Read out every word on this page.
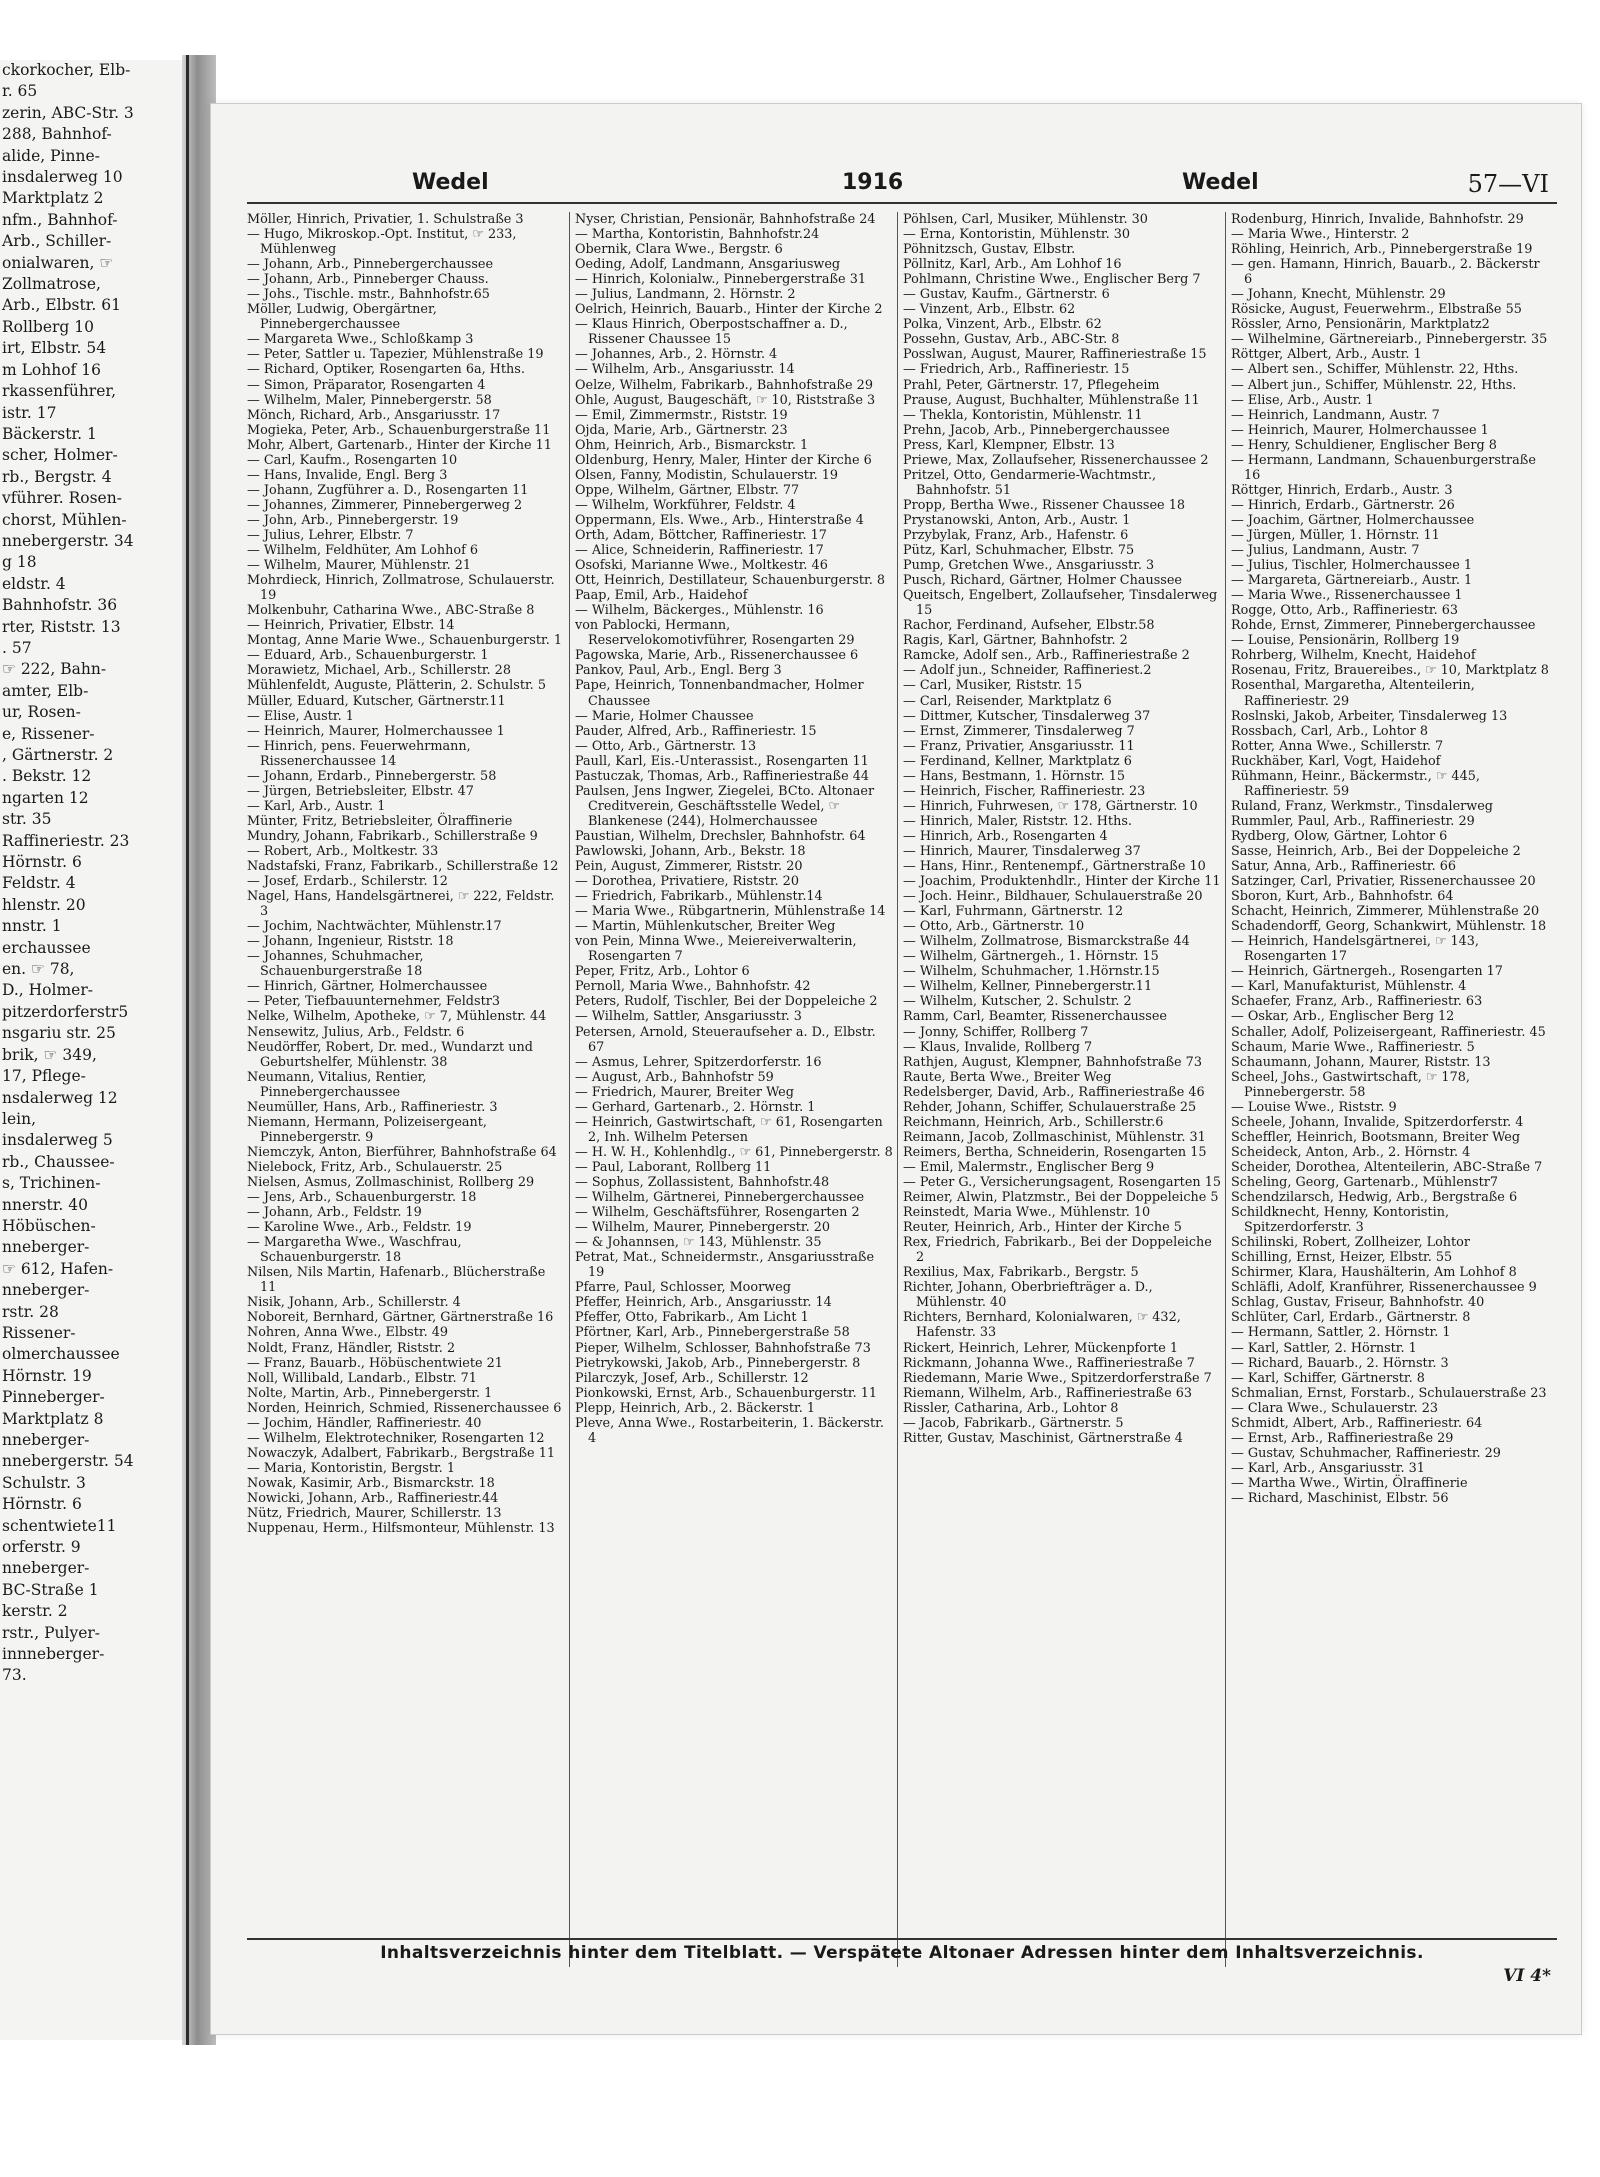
ckorkocher, Elb-
r. 65
zerin, ABC-Str. 3
288, Bahnhof-
alide, Pinne-
insdalerweg 10
Marktplatz 2
nfm., Bahnhof-
Arb., Schiller-
onialwaren, ☞
Zollmatrose,
Arb., Elbstr. 61
Rollberg 10
irt, Elbstr. 54
m Lohhof 16
rkassenführer,
istr. 17
Bäckerstr. 1
scher, Holmer-
rb., Bergstr. 4
vführer. Rosen-
chorst, Mühlen-
nnebergerstr. 34
g 18
eldstr. 4
Bahnhofstr. 36
rter, Riststr. 13
. 57
☞ 222, Bahn-
amter, Elb-
ur, Rosen-
e, Rissener-
, Gärtnerstr. 2
. Bekstr. 12
ngarten 12
str. 35
Raffineriestr. 23
Hörnstr. 6
Feldstr. 4
hlenstr. 20
nnstr. 1
erchaussee
en. ☞ 78,
D., Holmer-
pitzerdorferstr5
nsgariu str. 25
brik, ☞ 349,
17, Pflege-
nsdalerweg 12
lein,
insdalerweg 5
rb., Chaussee-
s, Trichinen-
nnerstr. 40
Höbüschen-
nneberger-
☞ 612, Hafen-
nneberger-
rstr. 28
Rissener-
olmerchaussee
Hörnstr. 19
Pinneberger-
Marktplatz 8
nneberger-
nnebergerstr. 54
Schulstr. 3
Hörnstr. 6
schentwiete11
orferstr. 9
nneberger-
BC-Straße 1
kerstr. 2
rstr., Pulyer-
innneberger-
73.
Wedel	1916	Wedel	57—VI
Möller, Hinrich, Privatier, 1. Schulstraße 3
— Hugo, Mikroskop.-Opt. Institut, ☞ 233, Mühlenweg
— Johann, Arb., Pinnebergerchaussee
— Johann, Arb., Pinneberger Chauss.
— Johs., Tischle. mstr., Bahnhofstr.65
Möller, Ludwig, Obergärtner, Pinnebergerchaussee
— Margareta Wwe., Schloßkamp 3
— Peter, Sattler u. Tapezier, Mühlenstraße 19
— Richard, Optiker, Rosengarten 6a, Hths.
— Simon, Präparator, Rosengarten 4
— Wilhelm, Maler, Pinnebergerstr. 58
Mönch, Richard, Arb., Ansgariusstr. 17
Mogieka, Peter, Arb., Schauenburgerstraße 11
Mohr, Albert, Gartenarb., Hinter der Kirche 11
— Carl, Kaufm., Rosengarten 10
— Hans, Invalide, Engl. Berg 3
— Johann, Zugführer a. D., Rosengarten 11
— Johannes, Zimmerer, Pinnebergerweg 2
— John, Arb., Pinnebergerstr. 19
— Julius, Lehrer, Elbstr. 7
— Wilhelm, Feldhüter, Am Lohhof 6
— Wilhelm, Maurer, Mühlenstr. 21
Mohrdieck, Hinrich, Zollmatrose, Schulauerstr. 19
Molkenbuhr, Catharina Wwe., ABC-Straße 8
— Heinrich, Privatier, Elbstr. 14
Montag, Anne Marie Wwe., Schauenburgerstr. 1
— Eduard, Arb., Schauenburgerstr. 1
Morawietz, Michael, Arb., Schillerstr. 28
Mühlenfeldt, Auguste, Plätterin, 2. Schulstr. 5
Müller, Eduard, Kutscher, Gärtnerstr.11
— Elise, Austr. 1
— Heinrich, Maurer, Holmerchaussee 1
— Hinrich, pens. Feuerwehrmann, Rissenerchaussee 14
— Johann, Erdarb., Pinnebergerstr. 58
— Jürgen, Betriebsleiter, Elbstr. 47
— Karl, Arb., Austr. 1
Münter, Fritz, Betriebsleiter, Ölraffinerie
Mundry, Johann, Fabrikarb., Schillerstraße 9
— Robert, Arb., Moltkestr. 33
Nadstafski, Franz, Fabrikarb., Schillerstraße 12
— Josef, Erdarb., Schilerstr. 12
Nagel, Hans, Handelsgärtnerei, ☞ 222, Feldstr. 3
— Jochim, Nachtwächter, Mühlenstr.17
— Johann, Ingenieur, Riststr. 18
— Johannes, Schuhmacher, Schauenburgerstraße 18
— Hinrich, Gärtner, Holmerchaussee
— Peter, Tiefbauunternehmer, Feldstr3
Nelke, Wilhelm, Apotheke, ☞ 7, Mühlenstr. 44
Nensewitz, Julius, Arb., Feldstr. 6
Neudörffer, Robert, Dr. med., Wundarzt und Geburtshelfer, Mühlenstr. 38
Neumann, Vitalius, Rentier, Pinnebergerchaussee
Neumüller, Hans, Arb., Raffineriestr. 3
Niemann, Hermann, Polizeisergeant, Pinnebergerstr. 9
Niemczyk, Anton, Bierführer, Bahnhofstraße 64
Nielebock, Fritz, Arb., Schulauerstr. 25
Nielsen, Asmus, Zollmaschinist, Rollberg 29
— Jens, Arb., Schauenburgerstr. 18
— Johann, Arb., Feldstr. 19
— Karoline Wwe., Arb., Feldstr. 19
— Margaretha Wwe., Waschfrau, Schauenburgerstr. 18
Nilsen, Nils Martin, Hafenarb., Blücherstraße 11
Nisik, Johann, Arb., Schillerstr. 4
Noboreit, Bernhard, Gärtner, Gärtnerstraße 16
Nohren, Anna Wwe., Elbstr. 49
Noldt, Franz, Händler, Riststr. 2
— Franz, Bauarb., Höbüschentwiete 21
Noll, Willibald, Landarb., Elbstr. 71
Nolte, Martin, Arb., Pinnebergerstr. 1
Norden, Heinrich, Schmied, Rissenerchaussee 6
— Jochim, Händler, Raffineriestr. 40
— Wilhelm, Elektrotechniker, Rosengarten 12
Nowaczyk, Adalbert, Fabrikarb., Bergstraße 11
— Maria, Kontoristin, Bergstr. 1
Nowak, Kasimir, Arb., Bismarckstr. 18
Nowicki, Johann, Arb., Raffineriestr.44
Nütz, Friedrich, Maurer, Schillerstr. 13
Nuppenau, Herm., Hilfsmonteur, Mühlenstr. 13
Nyser, Christian, Pensionär, Bahnhofstraße 24
— Martha, Kontoristin, Bahnhofstr.24
Obernik, Clara Wwe., Bergstr. 6
Oeding, Adolf, Landmann, Ansgariusweg
— Hinrich, Kolonialw., Pinnebergerstraße 31
— Julius, Landmann, 2. Hörnstr. 2
Oelrich, Heinrich, Bauarb., Hinter der Kirche 2
— Klaus Hinrich, Oberpostschaffner a. D., Rissener Chaussee 15
— Johannes, Arb., 2. Hörnstr. 4
— Wilhelm, Arb., Ansgariusstr. 14
Oelze, Wilhelm, Fabrikarb., Bahnhofstraße 29
Ohle, August, Baugeschäft, ☞ 10, Riststraße 3
— Emil, Zimmermstr., Riststr. 19
Ojda, Marie, Arb., Gärtnerstr. 23
Ohm, Heinrich, Arb., Bismarckstr. 1
Oldenburg, Henry, Maler, Hinter der Kirche 6
Olsen, Fanny, Modistin, Schulauerstr. 19
Oppe, Wilhelm, Gärtner, Elbstr. 77
— Wilhelm, Workführer, Feldstr. 4
Oppermann, Els. Wwe., Arb., Hinterstraße 4
Orth, Adam, Böttcher, Raffineriestr. 17
— Alice, Schneiderin, Raffineriestr. 17
Osofski, Marianne Wwe., Moltkestr. 46
Ott, Heinrich, Destillateur, Schauenburgerstr. 8
Paap, Emil, Arb., Haidehof
— Wilhelm, Bäckerges., Mühlenstr. 16
von Pablocki, Hermann, Reservelokomotivführer, Rosengarten 29
Pagowska, Marie, Arb., Rissenerchaussee 6
Pankov, Paul, Arb., Engl. Berg 3
Pape, Heinrich, Tonnenbandmacher, Holmer Chaussee
— Marie, Holmer Chaussee
Pauder, Alfred, Arb., Raffineriestr. 15
— Otto, Arb., Gärtnerstr. 13
Paull, Karl, Eis.-Unterassist., Rosengarten 11
Pastuczak, Thomas, Arb., Raffineriestraße 44
Paulsen, Jens Ingwer, Ziegelei, BCto. Altonaer Creditverein, Geschäftsstelle Wedel, ☞ Blankenese (244), Holmerchaussee
Paustian, Wilhelm, Drechsler, Bahnhofstr. 64
Pawlowski, Johann, Arb., Bekstr. 18
Pein, August, Zimmerer, Riststr. 20
— Dorothea, Privatiere, Riststr. 20
— Friedrich, Fabrikarb., Mühlenstr.14
— Maria Wwe., Rübgartnerin, Mühlenstraße 14
— Martin, Mühlenkutscher, Breiter Weg
von Pein, Minna Wwe., Meiereiverwalterin, Rosengarten 7
Peper, Fritz, Arb., Lohtor 6
Pernoll, Maria Wwe., Bahnhofstr. 42
Peters, Rudolf, Tischler, Bei der Doppeleiche 2
— Wilhelm, Sattler, Ansgariusstr. 3
Petersen, Arnold, Steueraufseher a. D., Elbstr. 67
— Asmus, Lehrer, Spitzerdorferstr. 16
— August, Arb., Bahnhofstr 59
— Friedrich, Maurer, Breiter Weg
— Gerhard, Gartenarb., 2. Hörnstr. 1
— Heinrich, Gastwirtschaft, ☞ 61, Rosengarten 2, Inh. Wilhelm Petersen
— H. W. H., Kohlenhdlg., ☞ 61, Pinnebergerstr. 8
— Paul, Laborant, Rollberg 11
— Sophus, Zollassistent, Bahnhofstr.48
— Wilhelm, Gärtnerei, Pinnebergerchaussee
— Wilhelm, Geschäftsführer, Rosengarten 2
— Wilhelm, Maurer, Pinnebergerstr. 20
— & Johannsen, ☞ 143, Mühlenstr. 35
Petrat, Mat., Schneidermstr., Ansgariusstraße 19
Pfarre, Paul, Schlosser, Moorweg
Pfeffer, Heinrich, Arb., Ansgariusstr. 14
Pfeffer, Otto, Fabrikarb., Am Licht 1
Pförtner, Karl, Arb., Pinnebergerstraße 58
Pieper, Wilhelm, Schlosser, Bahnhofstraße 73
Pietrykowski, Jakob, Arb., Pinnebergerstr. 8
Pilarczyk, Josef, Arb., Schillerstr. 12
Pionkowski, Ernst, Arb., Schauenburgerstr. 11
Plepp, Heinrich, Arb., 2. Bäckerstr. 1
Pleve, Anna Wwe., Rostarbeiterin, 1. Bäckerstr. 4
Pöhlsen, Carl, Musiker, Mühlenstr. 30
— Erna, Kontoristin, Mühlenstr. 30
Pöhnitzsch, Gustav, Elbstr.
Pöllnitz, Karl, Arb., Am Lohhof 16
Pohlmann, Christine Wwe., Englischer Berg 7
— Gustav, Kaufm., Gärtnerstr. 6
— Vinzent, Arb., Elbstr. 62
Polka, Vinzent, Arb., Elbstr. 62
Possehn, Gustav, Arb., ABC-Str. 8
Posslwan, August, Maurer, Raffineriestraße 15
— Friedrich, Arb., Raffineriestr. 15
Prahl, Peter, Gärtnerstr. 17, Pflegeheim
Prause, August, Buchhalter, Mühlenstraße 11
— Thekla, Kontoristin, Mühlenstr. 11
Prehn, Jacob, Arb., Pinnebergerchaussee
Press, Karl, Klempner, Elbstr. 13
Priewe, Max, Zollaufseher, Rissenerchaussee 2
Pritzel, Otto, Gendarmerie-Wachtmstr., Bahnhofstr. 51
Propp, Bertha Wwe., Rissener Chaussee 18
Prystanowski, Anton, Arb., Austr. 1
Przybylak, Franz, Arb., Hafenstr. 6
Pütz, Karl, Schuhmacher, Elbstr. 75
Pump, Gretchen Wwe., Ansgariusstr. 3
Pusch, Richard, Gärtner, Holmer Chaussee
Queitsch, Engelbert, Zollaufseher, Tinsdalerweg 15
Rachor, Ferdinand, Aufseher, Elbstr.58
Ragis, Karl, Gärtner, Bahnhofstr. 2
Ramcke, Adolf sen., Arb., Raffineriestraße 2
— Adolf jun., Schneider, Raffineriest.2
— Carl, Musiker, Riststr. 15
— Carl, Reisender, Marktplatz 6
— Dittmer, Kutscher, Tinsdalerweg 37
— Ernst, Zimmerer, Tinsdalerweg 7
— Franz, Privatier, Ansgariusstr. 11
— Ferdinand, Kellner, Marktplatz 6
— Hans, Bestmann, 1. Hörnstr. 15
— Heinrich, Fischer, Raffineriestr. 23
— Hinrich, Fuhrwesen, ☞ 178, Gärtnerstr. 10
— Hinrich, Maler, Riststr. 12. Hths.
— Hinrich, Arb., Rosengarten 4
— Hinrich, Maurer, Tinsdalerweg 37
— Hans, Hinr., Rentenempf., Gärtnerstraße 10
— Joachim, Produktenhdlr., Hinter der Kirche 11
— Joch. Heinr., Bildhauer, Schulauerstraße 20
— Karl, Fuhrmann, Gärtnerstr. 12
— Otto, Arb., Gärtnerstr. 10
— Wilhelm, Zollmatrose, Bismarckstraße 44
— Wilhelm, Gärtnergeh., 1. Hörnstr. 15
— Wilhelm, Schuhmacher, 1.Hörnstr.15
— Wilhelm, Kellner, Pinnebergerstr.11
— Wilhelm, Kutscher, 2. Schulstr. 2
Ramm, Carl, Beamter, Rissenerchaussee
— Jonny, Schiffer, Rollberg 7
— Klaus, Invalide, Rollberg 7
Rathjen, August, Klempner, Bahnhofstraße 73
Raute, Berta Wwe., Breiter Weg
Redelsberger, David, Arb., Raffineriestraße 46
Rehder, Johann, Schiffer, Schulauerstraße 25
Reichmann, Heinrich, Arb., Schillerstr.6
Reimann, Jacob, Zollmaschinist, Mühlenstr. 31
Reimers, Bertha, Schneiderin, Rosengarten 15
— Emil, Malermstr., Englischer Berg 9
— Peter G., Versicherungsagent, Rosengarten 15
Reimer, Alwin, Platzmstr., Bei der Doppeleiche 5
Reinstedt, Maria Wwe., Mühlenstr. 10
Reuter, Heinrich, Arb., Hinter der Kirche 5
Rex, Friedrich, Fabrikarb., Bei der Doppeleiche 2
Rexilius, Max, Fabrikarb., Bergstr. 5
Richter, Johann, Oberbriefträger a. D., Mühlenstr. 40
Richters, Bernhard, Kolonialwaren, ☞ 432, Hafenstr. 33
Rickert, Heinrich, Lehrer, Mückenpforte 1
Rickmann, Johanna Wwe., Raffineriestraße 7
Riedemann, Marie Wwe., Spitzerdorferstraße 7
Riemann, Wilhelm, Arb., Raffineriestraße 63
Rissler, Catharina, Arb., Lohtor 8
— Jacob, Fabrikarb., Gärtnerstr. 5
Ritter, Gustav, Maschinist, Gärtnerstraße 4
Rodenburg, Hinrich, Invalide, Bahnhofstr. 29
— Maria Wwe., Hinterstr. 2
Röhling, Heinrich, Arb., Pinnebergerstraße 19
— gen. Hamann, Hinrich, Bauarb., 2. Bäckerstr 6
— Johann, Knecht, Mühlenstr. 29
Rösicke, August, Feuerwehrm., Elbstraße 55
Rössler, Arno, Pensionärin, Marktplatz2
— Wilhelmine, Gärtnereiarb., Pinnebergerstr. 35
Röttger, Albert, Arb., Austr. 1
— Albert sen., Schiffer, Mühlenstr. 22, Hths.
— Albert jun., Schiffer, Mühlenstr. 22, Hths.
— Elise, Arb., Austr. 1
— Heinrich, Landmann, Austr. 7
— Heinrich, Maurer, Holmerchaussee 1
— Henry, Schuldiener, Englischer Berg 8
— Hermann, Landmann, Schauenburgerstraße 16
Röttger, Hinrich, Erdarb., Austr. 3
— Hinrich, Erdarb., Gärtnerstr. 26
— Joachim, Gärtner, Holmerchaussee
— Jürgen, Müller, 1. Hörnstr. 11
— Julius, Landmann, Austr. 7
— Julius, Tischler, Holmerchaussee 1
— Margareta, Gärtnereiarb., Austr. 1
— Maria Wwe., Rissenerchaussee 1
Rogge, Otto, Arb., Raffineriestr. 63
Rohde, Ernst, Zimmerer, Pinnebergerchaussee
— Louise, Pensionärin, Rollberg 19
Rohrberg, Wilhelm, Knecht, Haidehof
Rosenau, Fritz, Brauereibes., ☞ 10, Marktplatz 8
Rosenthal, Margaretha, Altenteilerin, Raffineriestr. 29
Roslnski, Jakob, Arbeiter, Tinsdalerweg 13
Rossbach, Carl, Arb., Lohtor 8
Rotter, Anna Wwe., Schillerstr. 7
Ruckhäber, Karl, Vogt, Haidehof
Rühmann, Heinr., Bäckermstr., ☞ 445, Raffineriestr. 59
Ruland, Franz, Werkmstr., Tinsdalerweg
Rummler, Paul, Arb., Raffineriestr. 29
Rydberg, Olow, Gärtner, Lohtor 6
Sasse, Heinrich, Arb., Bei der Doppeleiche 2
Satur, Anna, Arb., Raffineriestr. 66
Satzinger, Carl, Privatier, Rissenerchaussee 20
Sboron, Kurt, Arb., Bahnhofstr. 64
Schacht, Heinrich, Zimmerer, Mühlenstraße 20
Schadendorff, Georg, Schankwirt, Mühlenstr. 18
— Heinrich, Handelsgärtnerei, ☞ 143, Rosengarten 17
— Heinrich, Gärtnergeh., Rosengarten 17
— Karl, Manufakturist, Mühlenstr. 4
Schaefer, Franz, Arb., Raffineriestr. 63
— Oskar, Arb., Englischer Berg 12
Schaller, Adolf, Polizeisergeant, Raffineriestr. 45
Schaum, Marie Wwe., Raffineriestr. 5
Schaumann, Johann, Maurer, Riststr. 13
Scheel, Johs., Gastwirtschaft, ☞ 178, Pinnebergerstr. 58
— Louise Wwe., Riststr. 9
Scheele, Johann, Invalide, Spitzerdorferstr. 4
Scheffler, Heinrich, Bootsmann, Breiter Weg
Scheideck, Anton, Arb., 2. Hörnstr. 4
Scheider, Dorothea, Altenteilerin, ABC-Straße 7
Scheling, Georg, Gartenarb., Mühlenstr7
Schendzilarsch, Hedwig, Arb., Bergstraße 6
Schildknecht, Henny, Kontoristin, Spitzerdorferstr. 3
Schilinski, Robert, Zollheizer, Lohtor
Schilling, Ernst, Heizer, Elbstr. 55
Schirmer, Klara, Haushälterin, Am Lohhof 8
Schläfli, Adolf, Kranführer, Rissenerchaussee 9
Schlag, Gustav, Friseur, Bahnhofstr. 40
Schlüter, Carl, Erdarb., Gärtnerstr. 8
— Hermann, Sattler, 2. Hörnstr. 1
— Karl, Sattler, 2. Hörnstr. 1
— Richard, Bauarb., 2. Hörnstr. 3
— Karl, Schiffer, Gärtnerstr. 8
Schmalian, Ernst, Forstarb., Schulauerstraße 23
— Clara Wwe., Schulauerstr. 23
Schmidt, Albert, Arb., Raffineriestr. 64
— Ernst, Arb., Raffineriestraße 29
— Gustav, Schuhmacher, Raffineriestr. 29
— Karl, Arb., Ansgariusstr. 31
— Martha Wwe., Wirtin, Ölraffinerie
— Richard, Maschinist, Elbstr. 56
Inhaltsverzeichnis hinter dem Titelblatt. — Verspätete Altonaer Adressen hinter dem Inhaltsverzeichnis.
VI 4*
